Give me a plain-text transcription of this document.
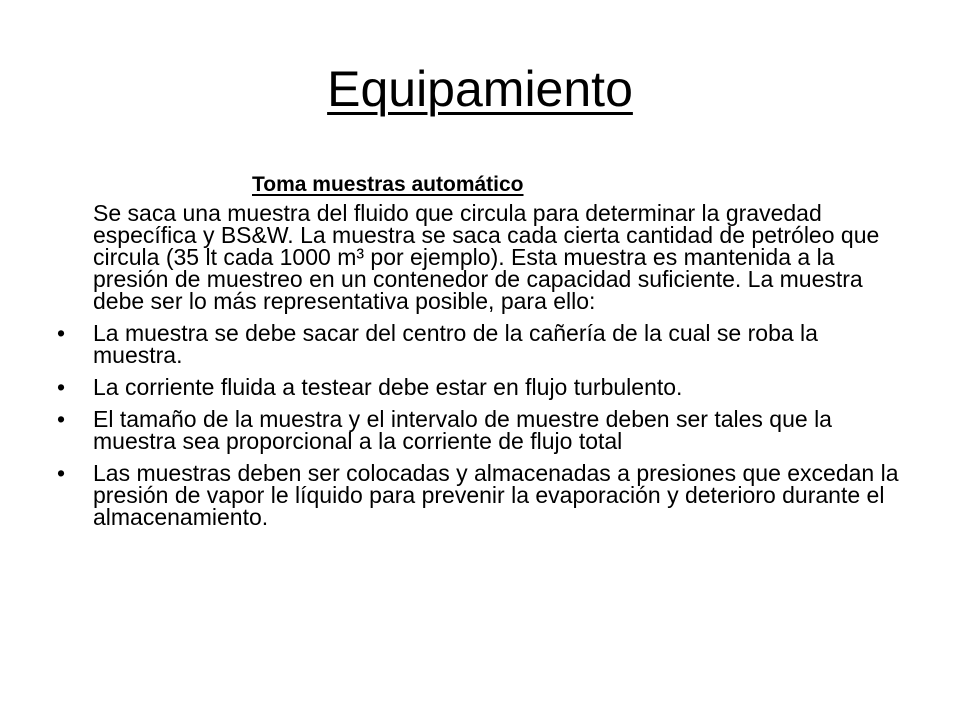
Equipamiento
Toma muestras automático

Se saca una muestra del fluido que circula para determinar la gravedad específica y BS&W. La muestra se saca cada cierta cantidad de petróleo que circula (35 lt cada 1000 m³ por ejemplo). Esta muestra es mantenida a la presión de muestreo en un contenedor de capacidad suficiente. La muestra debe ser lo más representativa posible, para ello:

•	La muestra se debe sacar del centro de la cañería de la cual se roba la muestra.
•	La corriente fluida a testear debe estar en flujo turbulento.
•	El tamaño de la muestra y el intervalo de muestre deben ser tales que la muestra sea proporcional a la corriente de flujo total
•	Las muestras deben ser colocadas y almacenadas a presiones que excedan la presión de vapor le líquido para prevenir la evaporación y deterioro durante el almacenamiento.
